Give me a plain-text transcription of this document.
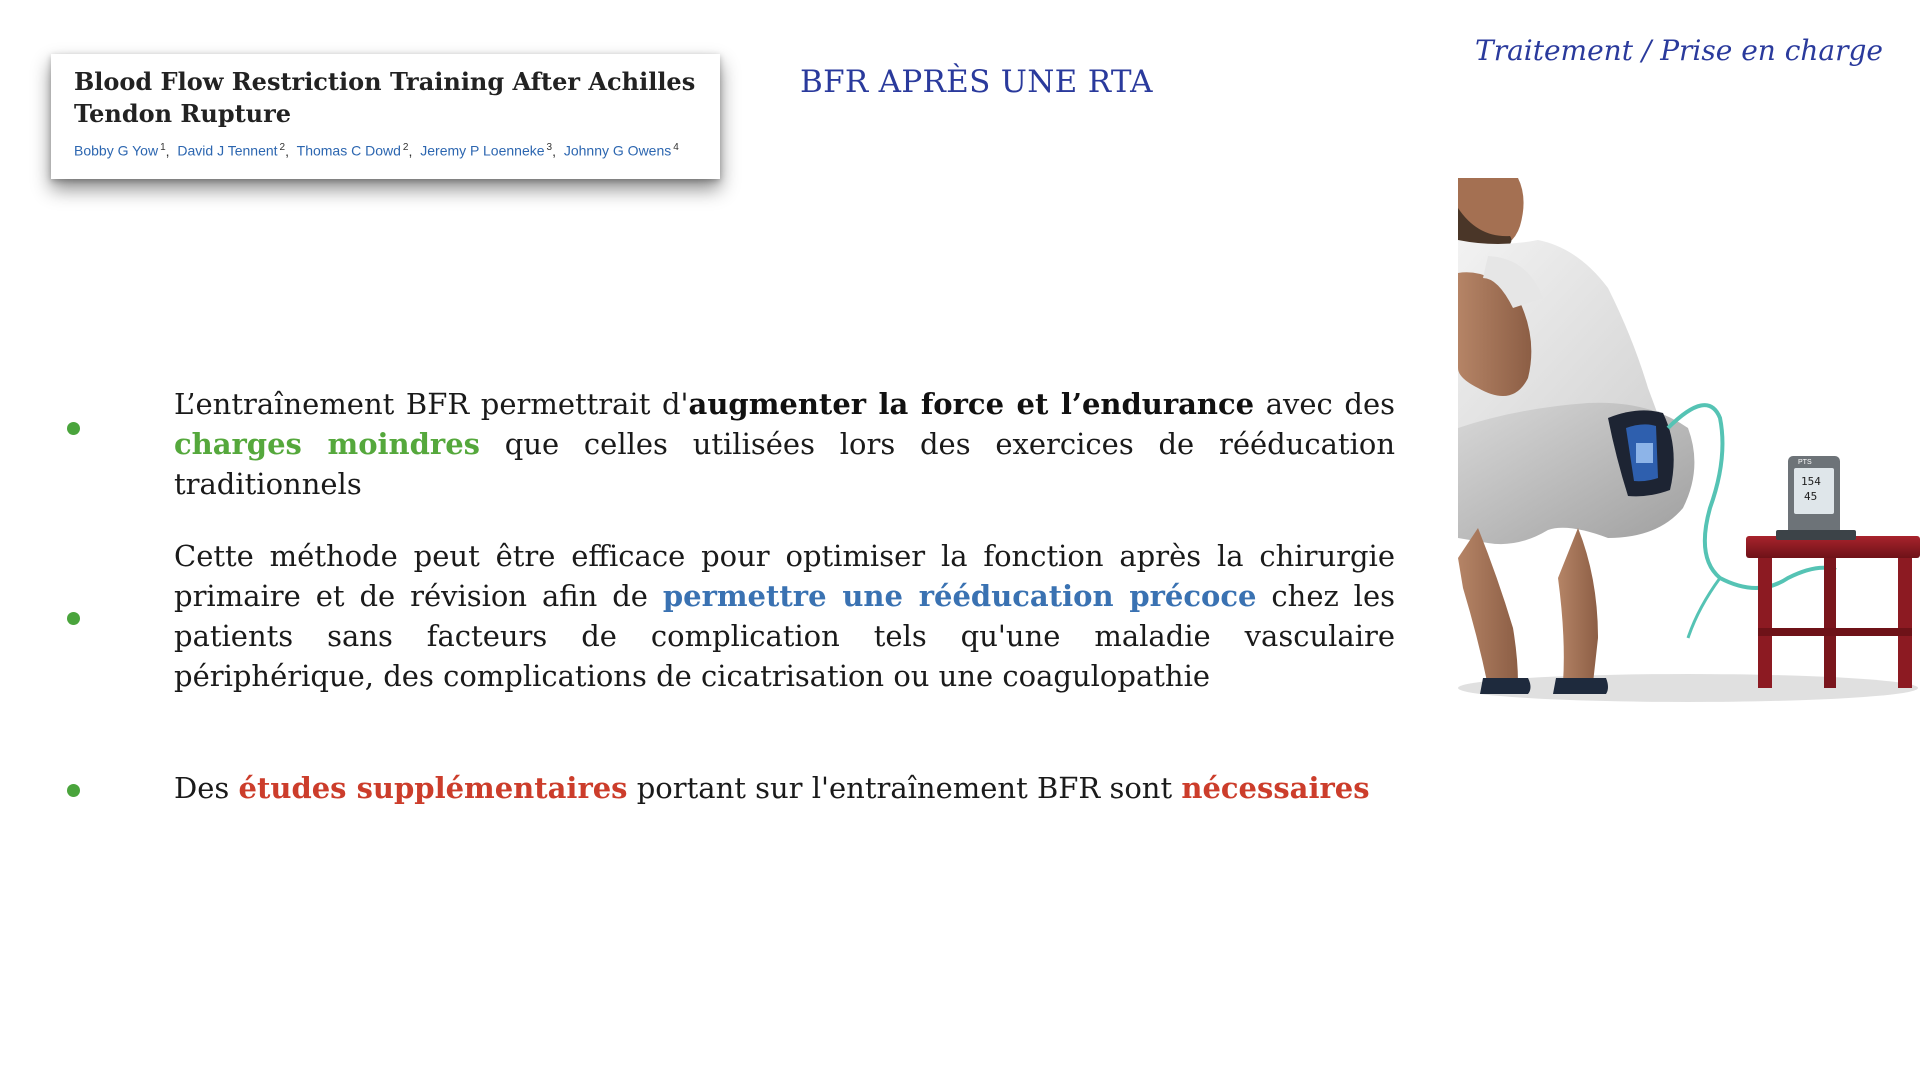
Traitement / Prise en charge
BFR APRÈS UNE RTA
Blood Flow Restriction Training After Achilles
Tendon Rupture
Bobby G Yow $^1$, David J Tennent $^2$, Thomas C Dowd $^2$, Jeremy P Loenneke $^3$, Johnny G Owens $^4$
L’entraînement BFR permettrait d'augmenter la force et l’endurance avec des charges moindres que celles utilisées lors des exercices de rééducation traditionnels
Cette méthode peut être efficace pour optimiser la fonction après la chirurgie primaire et de révision afin de permettre une rééducation précoce chez les patients sans facteurs de complication tels qu'une maladie vasculaire périphérique, des complications de cicatrisation ou une coagulopathie
Des études supplémentaires portant sur l'entraînement BFR sont nécessaires
154
45
PTS
